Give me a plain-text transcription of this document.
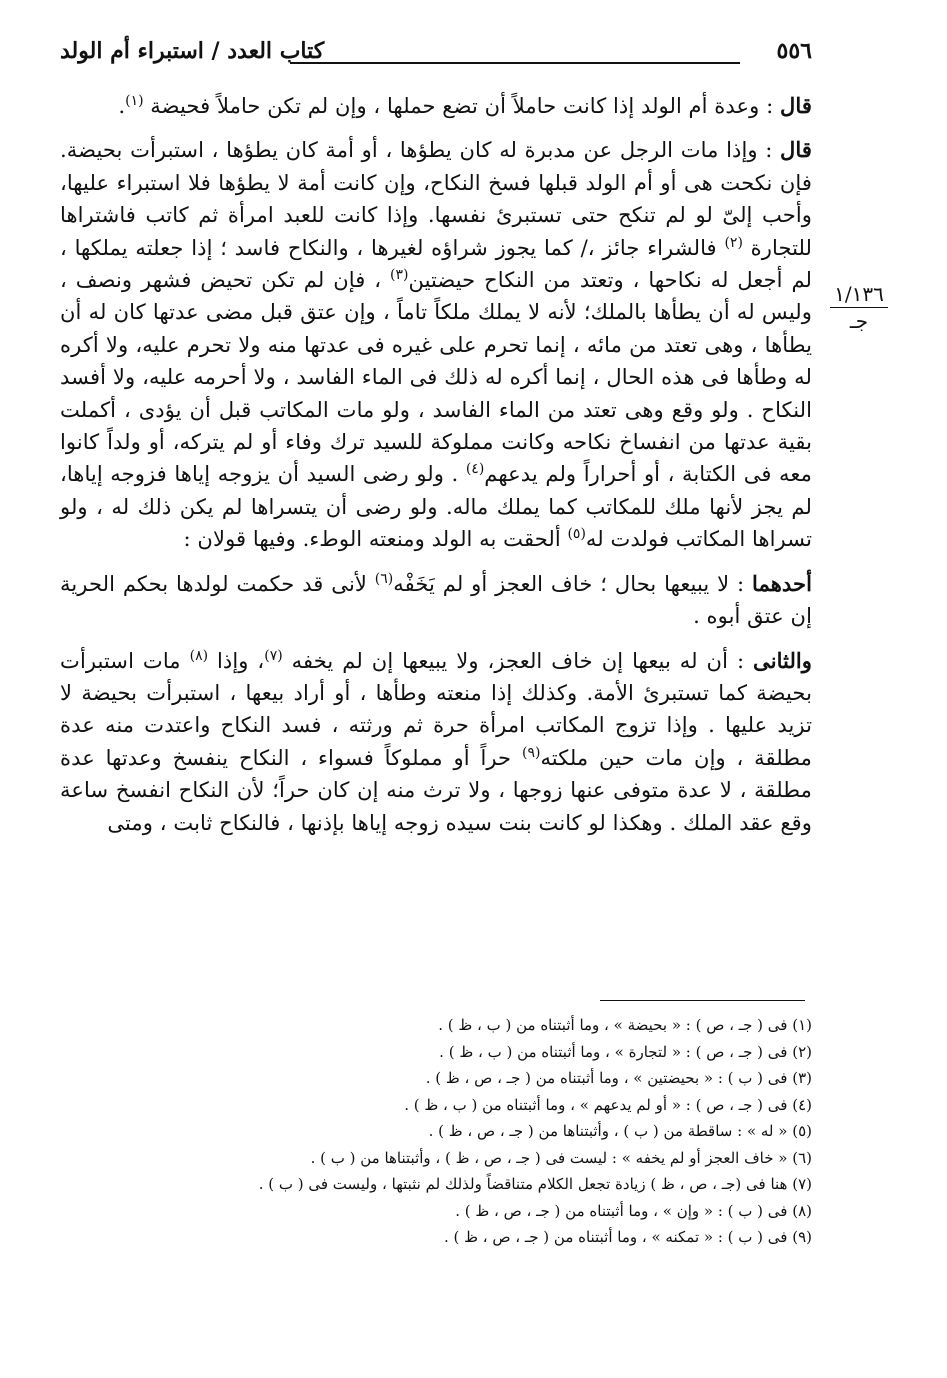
٥٥٦
كتاب العدد / استبراء أم الولد
١/١٣٦
جـ

قال : وعدة أم الولد إذا كانت حاملاً أن تضع حملها ، وإن لم تكن حاملاً فحيضة $^{(١)}$.

قال : وإذا مات الرجل عن مدبرة له كان يطؤها ، أو أمة كان يطؤها ، استبرأت بحيضة. فإن نكحت هى أو أم الولد قبلها فسخ النكاح، وإن كانت أمة لا يطؤها فلا استبراء عليها، وأحب إلىّ لو لم تنكح حتى تستبرئ نفسها. وإذا كانت للعبد امرأة ثم كاتب فاشتراها للتجارة $^{(٢)}$ فالشراء جائز ،/ كما يجوز شراؤه لغيرها ، والنكاح فاسد ؛ إذا جعلته يملكها ، لم أجعل له نكاحها ، وتعتد من النكاح حيضتين$^{(٣)}$ ، فإن لم تكن تحيض فشهر ونصف ، وليس له أن يطأها بالملك؛ لأنه لا يملك ملكاً تاماً ، وإن عتق قبل مضى عدتها كان له أن يطأها ، وهى تعتد من مائه ، إنما تحرم على غيره فى عدتها منه ولا تحرم عليه، ولا أكره له وطأها فى هذه الحال ، إنما أكره له ذلك فى الماء الفاسد ، ولا أحرمه عليه، ولا أفسد النكاح . ولو وقع وهى تعتد من الماء الفاسد ، ولو مات المكاتب قبل أن يؤدى ، أكملت بقية عدتها من انفساخ نكاحه وكانت مملوكة للسيد ترك وفاء أو لم يتركه، أو ولداً كانوا معه فى الكتابة ، أو أحراراً ولم يدعهم$^{(٤)}$ . ولو رضى السيد أن يزوجه إياها فزوجه إياها، لم يجز لأنها ملك للمكاتب كما يملك ماله. ولو رضى أن يتسراها لم يكن ذلك له ، ولو تسراها المكاتب فولدت له$^{(٥)}$ ألحقت به الولد ومنعته الوطء. وفيها قولان :

أحدهما : لا يبيعها بحال ؛ خاف العجز أو لم يَخَفْه$^{(٦)}$ لأنى قد حكمت لولدها بحكم الحرية إن عتق أبوه .

والثانى : أن له بيعها إن خاف العجز، ولا يبيعها إن لم يخفه $^{(٧)}$، وإذا $^{(٨)}$ مات استبرأت بحيضة كما تستبرئ الأمة. وكذلك إذا منعته وطأها ، أو أراد بيعها ، استبرأت بحيضة لا تزيد عليها . وإذا تزوج المكاتب امرأة حرة ثم ورثته ، فسد النكاح واعتدت منه عدة مطلقة ، وإن مات حين ملكته$^{(٩)}$ حراً أو مملوكاً فسواء ، النكاح ينفسخ وعدتها عدة مطلقة ، لا عدة متوفى عنها زوجها ، ولا ترث منه إن كان حراً؛ لأن النكاح انفسخ ساعة وقع عقد الملك . وهكذا لو كانت بنت سيده زوجه إياها بإذنها ، فالنكاح ثابت ، ومتى

(١) فى ( جـ ، ص ) : « بحيضة » ، وما أثبتناه من ( ب ، ظ ) .
(٢) فى ( جـ ، ص ) : « لتجارة » ، وما أثبتناه من ( ب ، ظ ) .
(٣) فى ( ب ) : « بحيضتين » ، وما أثبتناه من ( جـ ، ص ، ظ ) .
(٤) فى ( جـ ، ص ) : « أو لم يدعهم » ، وما أثبتناه من ( ب ، ظ ) .
(٥) « له » : ساقطة من ( ب ) ، وأثبتناها من ( جـ ، ص ، ظ ) .
(٦) « خاف العجز أو لم يخفه » : ليست فى ( جـ ، ص ، ظ ) ، وأثبتناها من ( ب ) .
(٧) هنا فى (جـ ، ص ، ظ ) زيادة تجعل الكلام متناقضاً ولذلك لم نثبتها ، وليست فى ( ب ) .
(٨) فى ( ب ) : « وإن » ، وما أثبتناه من ( جـ ، ص ، ظ ) .
(٩) فى ( ب ) : « تمكنه » ، وما أثبتناه من ( جـ ، ص ، ظ ) .
